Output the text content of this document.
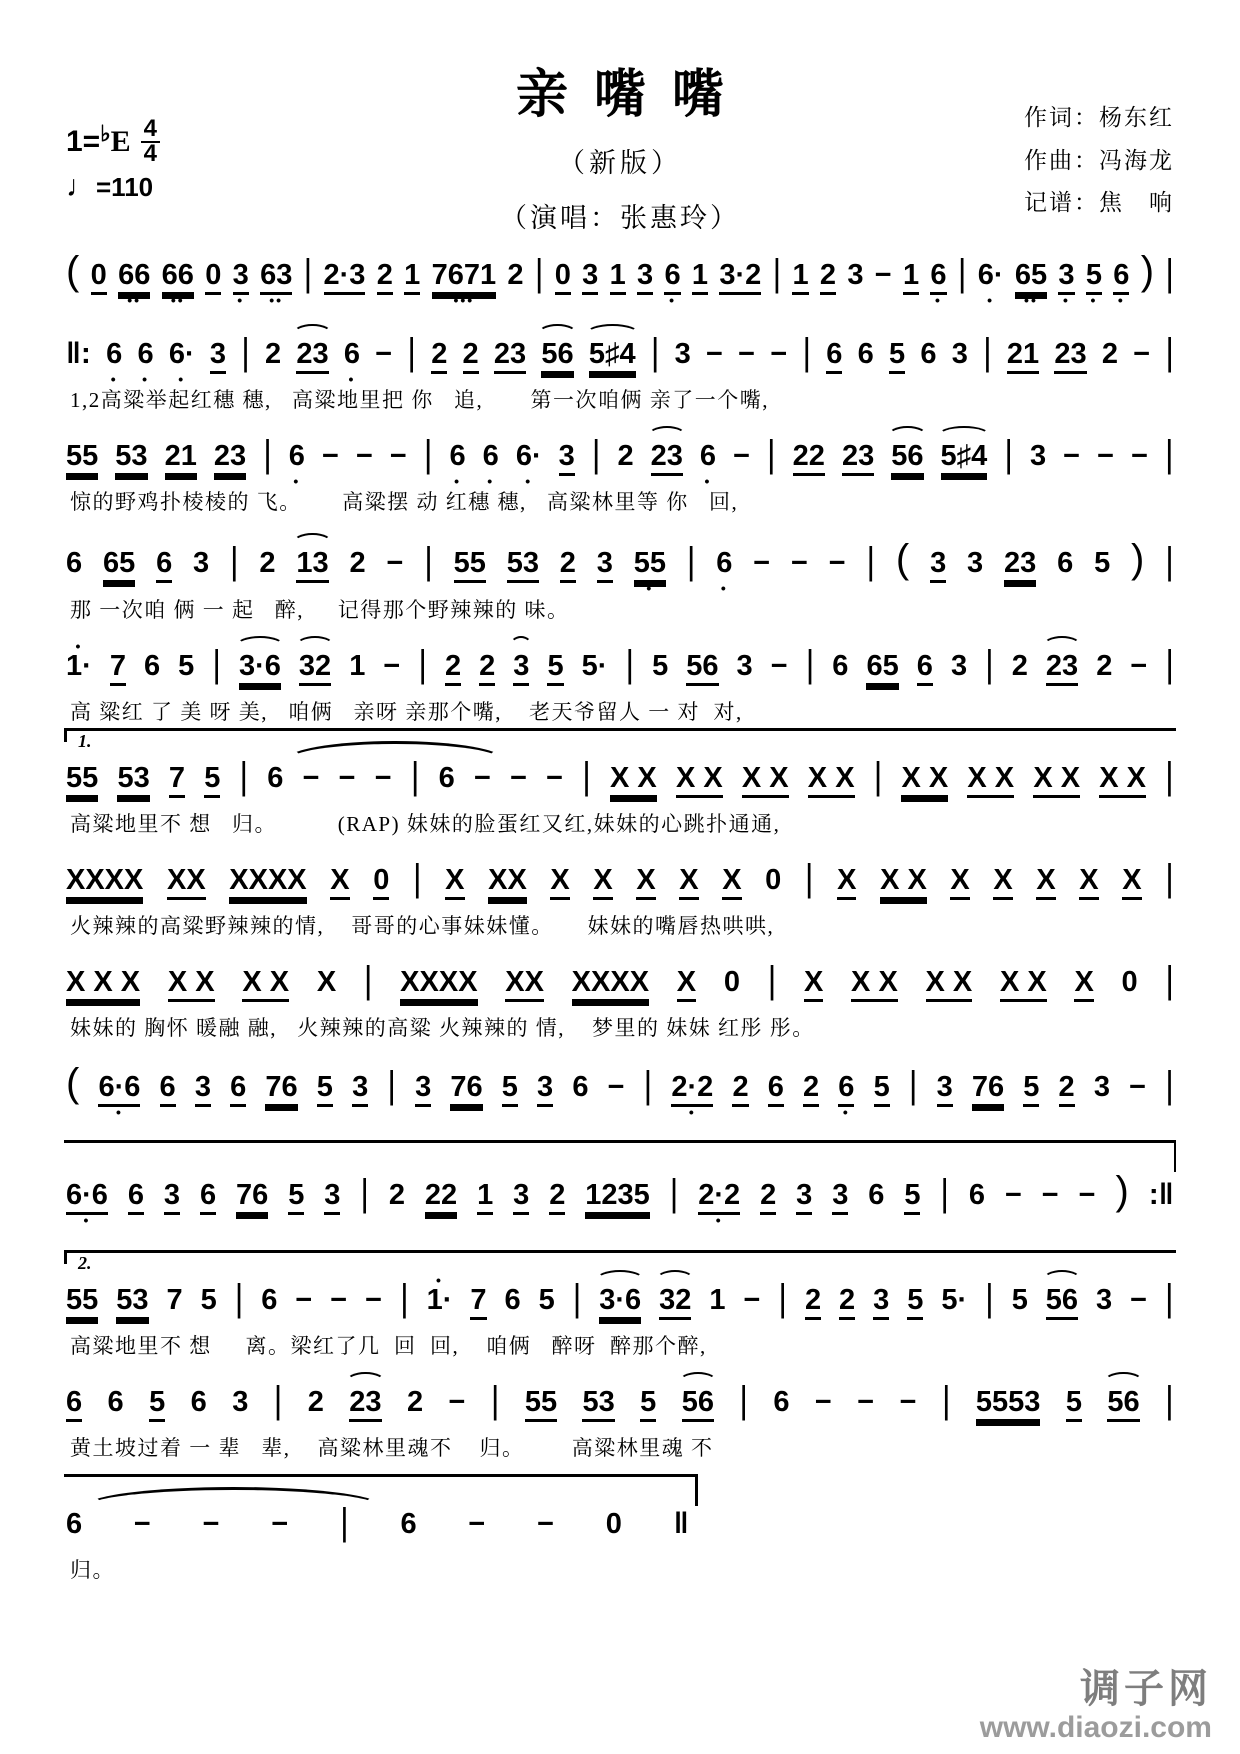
1= ♭ E $\frac{4}{4}$
♩=110
亲嘴嘴
（新版）
（演唱：张惠玲）
作词：杨东红
作曲：冯海龙
记谱：焦　响
( 0 66
••
66
••
0 3
•
63
••
| 2·3 2 1 7671
•••
2 | 0 3 1 3 6
•
1 3·2 | 1 2 3 − 1 6
•
| 6·
•
65
••
3
•
5
•
6
•
) |
‖: 6
•
6
•
6·
•
3 | 2 23 6
•
− | 2 2 23 56 5♯4 | 3 − − − | 6 6 5 6 3 | 21 23 2 − |
1,2高粱举起红穗 穗,   高粱地里把 你   追,       第一次咱俩 亲了一个嘴,
55 53 21 23 | 6
•
− − − | 6
•
6
•
6·
•
3 | 2 23 6
•
− | 22 23 56 5♯4 | 3 − − − |
惊的野鸡扑棱棱的 飞。      高粱摆 动 红穗 穗,   高粱林里等 你   回,
6 65 6 3 | 2 13 2 − | 55 53 2 3 55
•
| 6
•
− − − | ( 3 3 23 6 5 ) |
那 一次咱 俩 一 起   醉,     记得那个野辣辣的 味。
1·
•
7 6 5 | 3·6 32 1 − | 2 2 3 5 5· | 5 56 3 − | 6 65 6 3 | 2 23 2 − |
高 粱红 了 美 呀 美,   咱俩   亲呀 亲那个嘴,    老天爷留人 一 对  对,
1.
55 53 7 5 | 6 − − − | 6 − − − | X X X X X X X X | X X X X X X X X |
高粱地里不 想   归。         (RAP) 妹妹的脸蛋红又红,妹妹的心跳扑通通,
XXXX XX XXXX X 0 | X XX X X X X X 0 | X X X X X X X X |
火辣辣的高粱野辣辣的情,    哥哥的心事妹妹懂。     妹妹的嘴唇热哄哄,
X X X X X X X X | XXXX XX XXXX X 0 | X X X X X X X X 0 |
妹妹的 胸怀 暖融 融,   火辣辣的高粱 火辣辣的 情,    梦里的 妹妹 红彤 彤。
( 6·6
•
6 3 6 76 5 3 | 3 76 5 3 6 − | 2·2
•
2 6 2 6
•
5 | 3 76 5 2 3 − |
6·6
•
6 3 6 76 5 3 | 2 22 1 3 2 1235 | 2·2
•
2 3 3 6 5 | 6 − − − ) :‖
2.
55 53 7 5 | 6 − − − | 1·
•
7 6 5 | 3·6 32 1 − | 2 2 3 5 5· | 5 56 3 − |
高粱地里不 想     离。梁红了几  回  回,    咱俩   醉呀  醉那个醉,
6 6 5 6 3 | 2 23 2 − | 55 53 5 56 | 6 − − − | 5553 5 56 |
黄土坡过着 一 辈   辈,    高粱林里魂不    归。       高粱林里魂 不
6 − − − | 6 − − 0 ‖
归。
调子网
www.diaozi.com
